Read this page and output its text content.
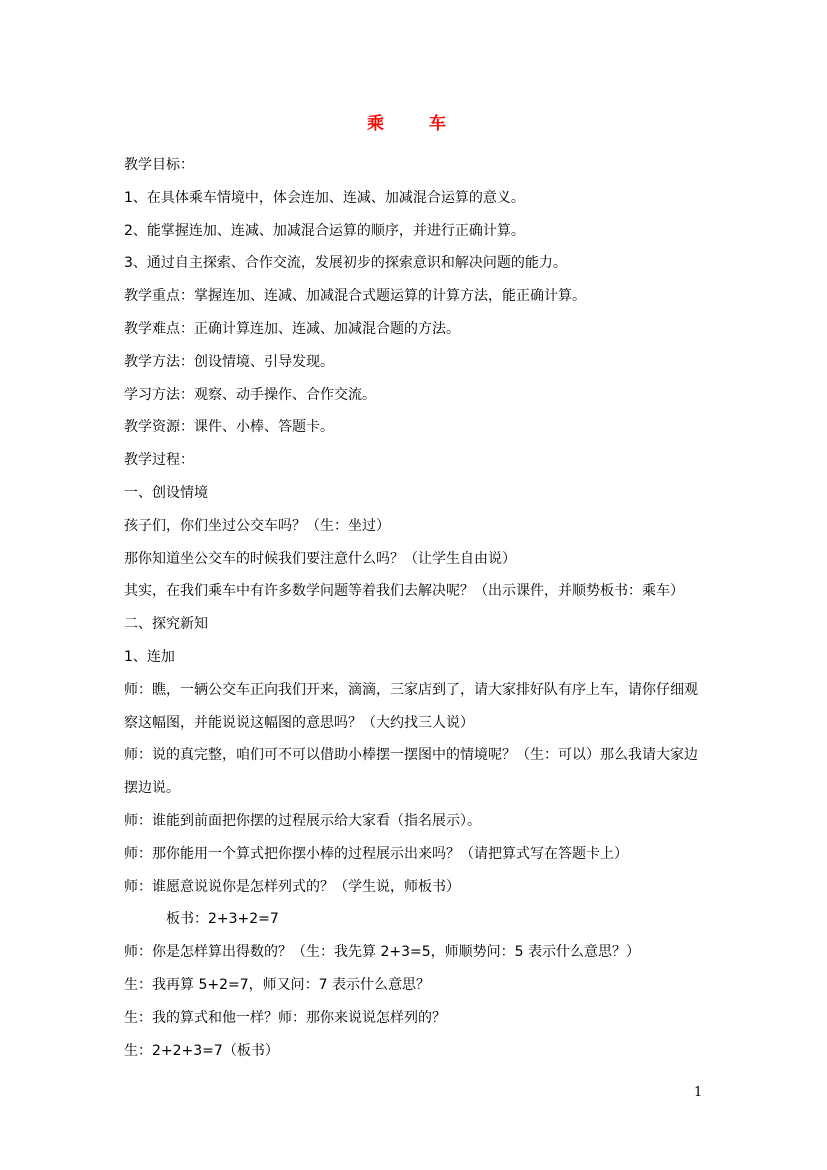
乘　车
教学目标：
1、在具体乘车情境中，体会连加、连减、加减混合运算的意义。
2、能掌握连加、连减、加减混合运算的顺序，并进行正确计算。
3、通过自主探索、合作交流，发展初步的探索意识和解决问题的能力。
教学重点：掌握连加、连减、加减混合式题运算的计算方法，能正确计算。
教学难点：正确计算连加、连减、加减混合题的方法。
教学方法：创设情境、引导发现。
学习方法：观察、动手操作、合作交流。
教学资源：课件、小棒、答题卡。
教学过程：
一、创设情境
孩子们，你们坐过公交车吗？（生：坐过）
那你知道坐公交车的时候我们要注意什么吗？（让学生自由说）
其实，在我们乘车中有许多数学问题等着我们去解决呢？（出示课件，并顺势板书：乘车）
二、探究新知
1、连加
师：瞧，一辆公交车正向我们开来，滴滴，三家店到了，请大家排好队有序上车，请你仔细观察这幅图，并能说说这幅图的意思吗？（大约找三人说）
师：说的真完整，咱们可不可以借助小棒摆一摆图中的情境呢？（生：可以）那么我请大家边摆边说。
师：谁能到前面把你摆的过程展示给大家看（指名展示）。
师：那你能用一个算式把你摆小棒的过程展示出来吗？（请把算式写在答题卡上）
师：谁愿意说说你是怎样列式的？（学生说，师板书）
板书：2+3+2=7
师：你是怎样算出得数的？（生：我先算 2+3=5，师顺势问：5 表示什么意思？）
生：我再算 5+2=7，师又问：7 表示什么意思？
生：我的算式和他一样？师：那你来说说怎样列的？
生：2+2+3=7（板书）
1
